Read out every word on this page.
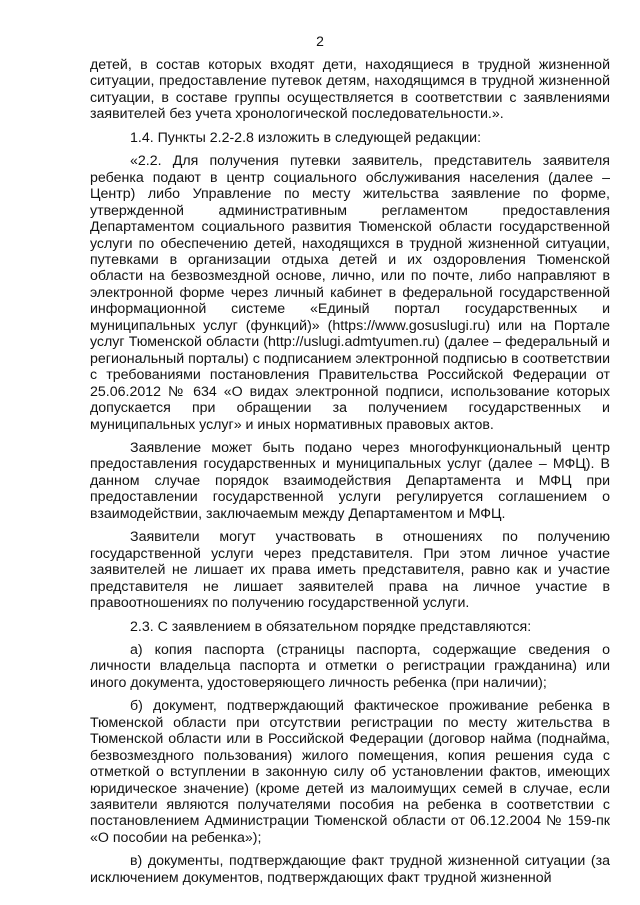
2

детей, в состав которых входят дети, находящиеся в трудной жизненной ситуации, предоставление путевок детям, находящимся в трудной жизненной ситуации, в составе группы осуществляется в соответствии с заявлениями заявителей без учета хронологической последовательности.».

1.4. Пункты 2.2-2.8 изложить в следующей редакции:

«2.2. Для получения путевки заявитель, представитель заявителя ребенка подают в центр социального обслуживания населения (далее – Центр) либо Управление по месту жительства заявление по форме, утвержденной административным регламентом предоставления Департаментом социального развития Тюменской области государственной услуги по обеспечению детей, находящихся в трудной жизненной ситуации, путевками в организации отдыха детей и их оздоровления Тюменской области на безвозмездной основе, лично, или по почте, либо направляют в электронной форме через личный кабинет в федеральной государственной информационной системе «Единый портал государственных и муниципальных услуг (функций)» (https://www.gosuslugi.ru) или на Портале услуг Тюменской области (http://uslugi.admtyumen.ru) (далее – федеральный и региональный порталы) с подписанием электронной подписью в соответствии с требованиями постановления Правительства Российской Федерации от 25.06.2012 № 634 «О видах электронной подписи, использование которых допускается при обращении за получением государственных и муниципальных услуг» и иных нормативных правовых актов.

Заявление может быть подано через многофункциональный центр предоставления государственных и муниципальных услуг (далее – МФЦ). В данном случае порядок взаимодействия Департамента и МФЦ при предоставлении государственной услуги регулируется соглашением о взаимодействии, заключаемым между Департаментом и МФЦ.

Заявители могут участвовать в отношениях по получению государственной услуги через представителя. При этом личное участие заявителей не лишает их права иметь представителя, равно как и участие представителя не лишает заявителей права на личное участие в правоотношениях по получению государственной услуги.

2.3. С заявлением в обязательном порядке представляются:

а) копия паспорта (страницы паспорта, содержащие сведения о личности владельца паспорта и отметки о регистрации гражданина) или иного документа, удостоверяющего личность ребенка (при наличии);

б) документ, подтверждающий фактическое проживание ребенка в Тюменской области при отсутствии регистрации по месту жительства в Тюменской области или в Российской Федерации (договор найма (поднайма, безвозмездного пользования) жилого помещения, копия решения суда с отметкой о вступлении в законную силу об установлении фактов, имеющих юридическое значение) (кроме детей из малоимущих семей в случае, если заявители являются получателями пособия на ребенка в соответствии с постановлением Администрации Тюменской области от 06.12.2004 № 159-пк «О пособии на ребенка»);

в) документы, подтверждающие факт трудной жизненной ситуации (за исключением документов, подтверждающих факт трудной жизненной
